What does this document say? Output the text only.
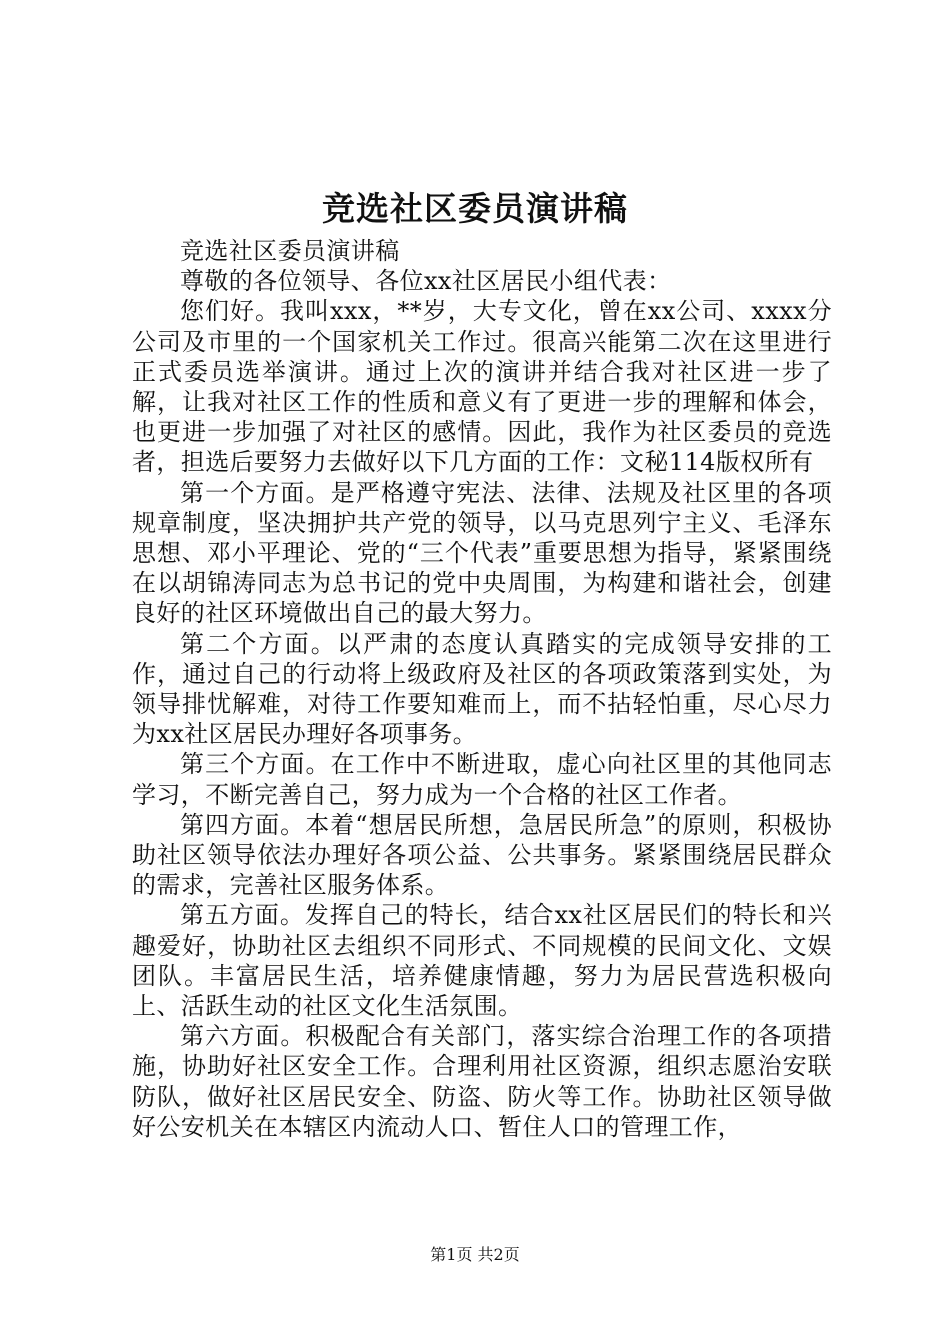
竞选社区委员演讲稿

竞选社区委员演讲稿

尊敬的各位领导、各位xx社区居民小组代表：

您们好。我叫xxx，**岁，大专文化，曾在xx公司、xxxx分公司及市里的一个国家机关工作过。很高兴能第二次在这里进行正式委员选举演讲。通过上次的演讲并结合我对社区进一步了解，让我对社区工作的性质和意义有了更进一步的理解和体会，也更进一步加强了对社区的感情。因此，我作为社区委员的竞选者，担选后要努力去做好以下几方面的工作：文秘114版权所有

第一个方面。是严格遵守宪法、法律、法规及社区里的各项规章制度，坚决拥护共产党的领导，以马克思列宁主义、毛泽东思想、邓小平理论、党的“三个代表”重要思想为指导，紧紧围绕在以胡锦涛同志为总书记的党中央周围，为构建和谐社会，创建良好的社区环境做出自己的最大努力。

第二个方面。以严肃的态度认真踏实的完成领导安排的工作，通过自己的行动将上级政府及社区的各项政策落到实处，为领导排忧解难，对待工作要知难而上，而不拈轻怕重，尽心尽力为xx社区居民办理好各项事务。

第三个方面。在工作中不断进取，虚心向社区里的其他同志学习，不断完善自己，努力成为一个合格的社区工作者。

第四方面。本着“想居民所想，急居民所急”的原则，积极协助社区领导依法办理好各项公益、公共事务。紧紧围绕居民群众的需求，完善社区服务体系。

第五方面。发挥自己的特长，结合xx社区居民们的特长和兴趣爱好，协助社区去组织不同形式、不同规模的民间文化、文娱团队。丰富居民生活，培养健康情趣，努力为居民营选积极向上、活跃生动的社区文化生活氛围。

第六方面。积极配合有关部门，落实综合治理工作的各项措施，协助好社区安全工作。合理利用社区资源，组织志愿治安联防队，做好社区居民安全、防盗、防火等工作。协助社区领导做好公安机关在本辖区内流动人口、暂住人口的管理工作，

第1页 共2页
